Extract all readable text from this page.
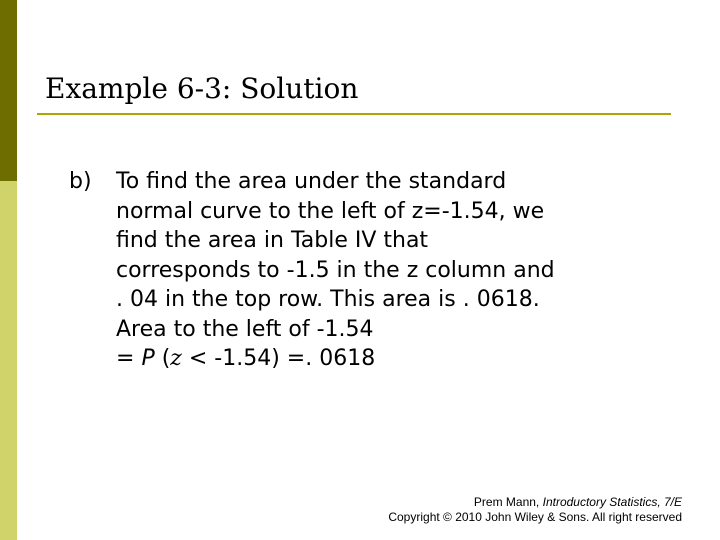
Example 6-3: Solution
b) To find the area under the standard
normal curve to the left of z=-1.54, we
find the area in Table IV that
corresponds to -1.5 in the z column and
. 04 in the top row. This area is . 0618.
Area to the left of -1.54
= P (z < -1.54) =. 0618
Prem Mann, Introductory Statistics, 7/E
Copyright © 2010 John Wiley & Sons. All right reserved
